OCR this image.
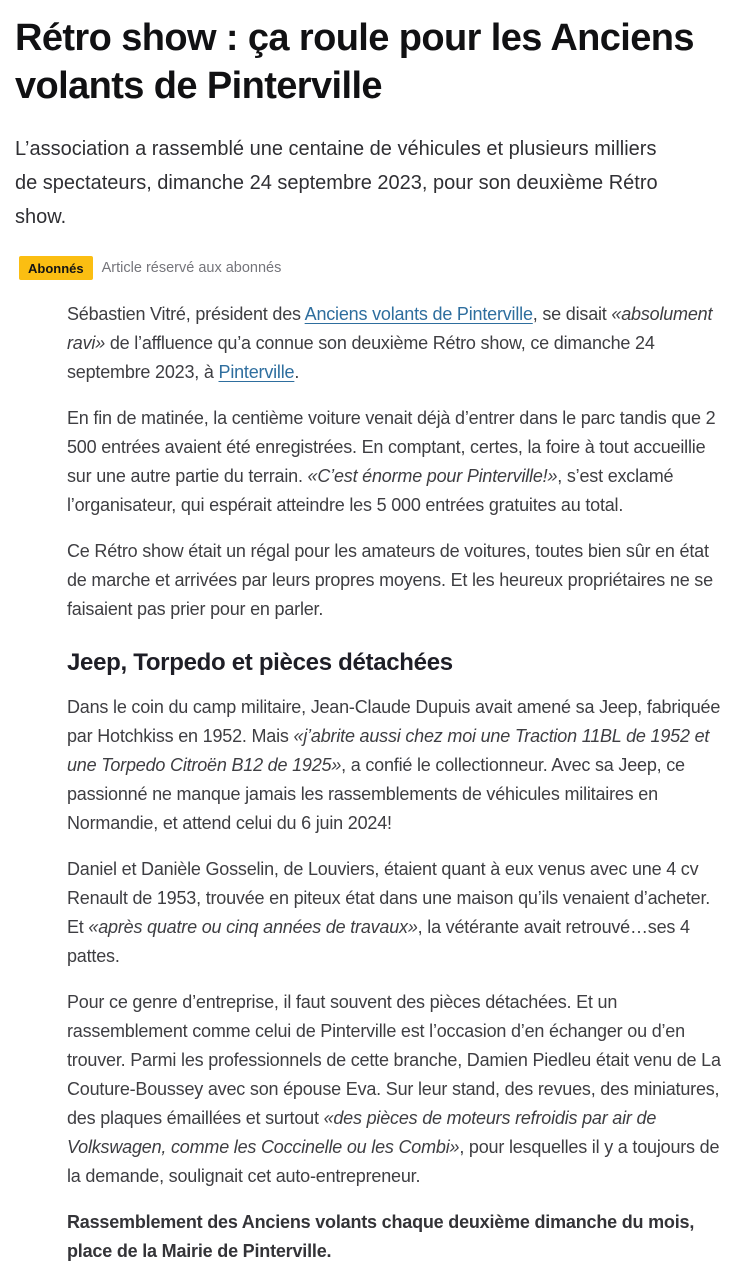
Rétro show : ça roule pour les Anciens volants de Pinterville

L’association a rassemblé une centaine de véhicules et plusieurs milliers de spectateurs, dimanche 24 septembre 2023, pour son deuxième Rétro show.

Abonnés	Article réservé aux abonnés

Sébastien Vitré, président des Anciens volants de Pinterville, se disait «absolument ravi» de l’affluence qu’a connue son deuxième Rétro show, ce dimanche 24 septembre 2023, à Pinterville.

En fin de matinée, la centième voiture venait déjà d’entrer dans le parc tandis que 2 500 entrées avaient été enregistrées. En comptant, certes, la foire à tout accueillie sur une autre partie du terrain. «C’est énorme pour Pinterville!», s’est exclamé l’organisateur, qui espérait atteindre les 5 000 entrées gratuites au total.

Ce Rétro show était un régal pour les amateurs de voitures, toutes bien sûr en état de marche et arrivées par leurs propres moyens. Et les heureux propriétaires ne se faisaient pas prier pour en parler.

Jeep, Torpedo et pièces détachées

Dans le coin du camp militaire, Jean-Claude Dupuis avait amené sa Jeep, fabriquée par Hotchkiss en 1952. Mais «j’abrite aussi chez moi une Traction 11BL de 1952 et une Torpedo Citroën B12 de 1925», a confié le collectionneur. Avec sa Jeep, ce passionné ne manque jamais les rassemblements de véhicules militaires en Normandie, et attend celui du 6 juin 2024!

Daniel et Danièle Gosselin, de Louviers, étaient quant à eux venus avec une 4 cv Renault de 1953, trouvée en piteux état dans une maison qu’ils venaient d’acheter. Et «après quatre ou cinq années de travaux», la vétérante avait retrouvé…ses 4 pattes.

Pour ce genre d’entreprise, il faut souvent des pièces détachées. Et un rassemblement comme celui de Pinterville est l’occasion d’en échanger ou d’en trouver. Parmi les professionnels de cette branche, Damien Piedleu était venu de La Couture-Boussey avec son épouse Eva. Sur leur stand, des revues, des miniatures, des plaques émaillées et surtout «des pièces de moteurs refroidis par air de Volkswagen, comme les Coccinelle ou les Combi», pour lesquelles il y a toujours de la demande, soulignait cet auto-entrepreneur.

Rassemblement des Anciens volants chaque deuxième dimanche du mois, place de la Mairie de Pinterville.
